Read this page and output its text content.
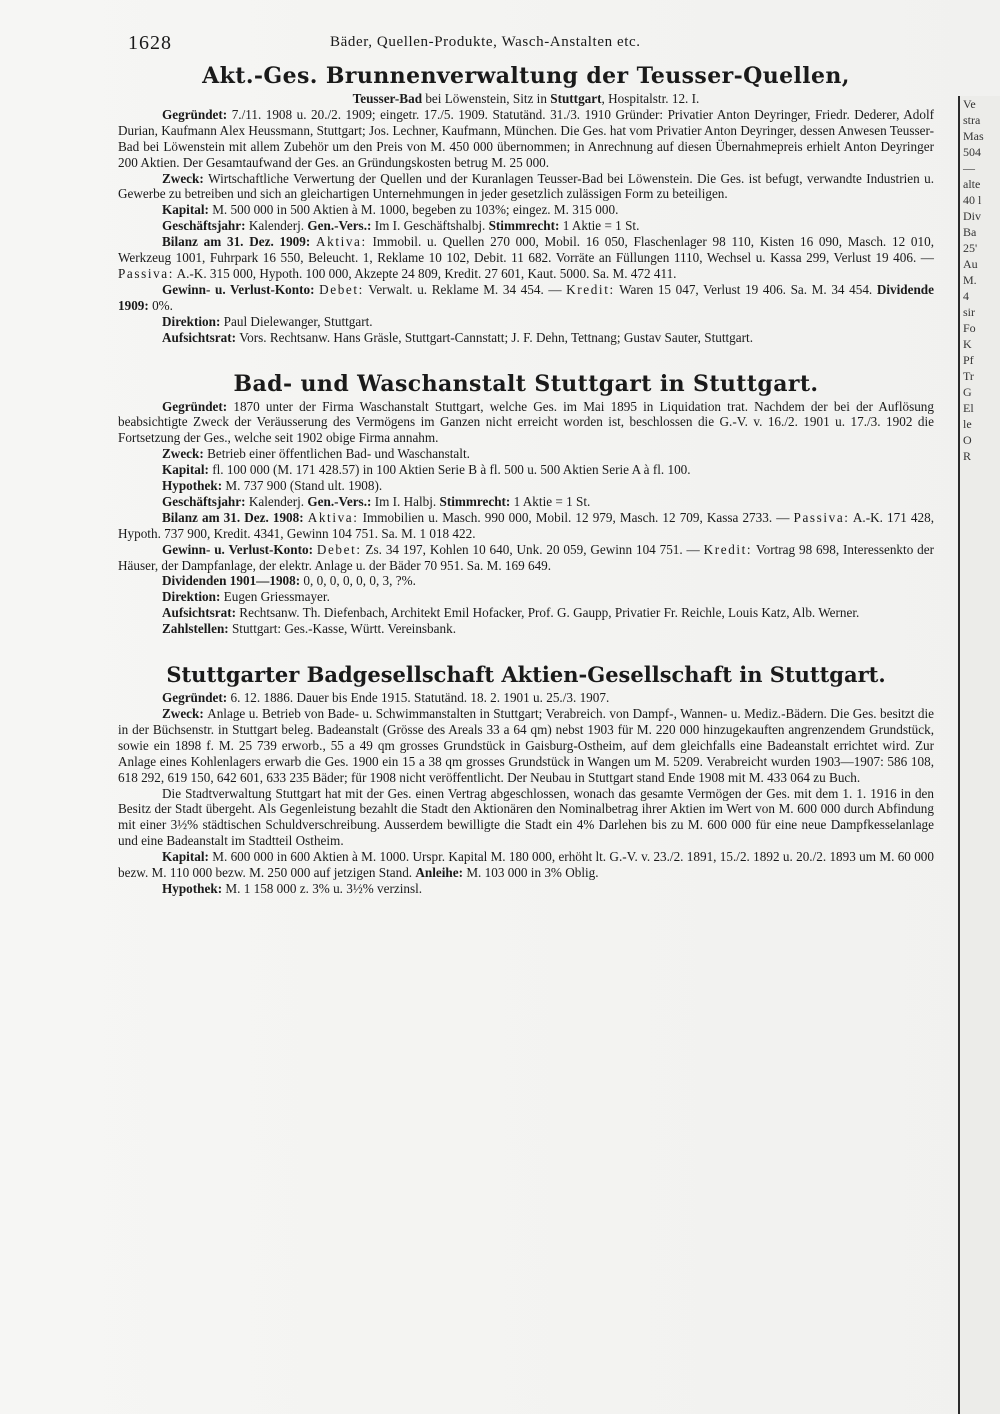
1628	Bäder, Quellen-Produkte, Wasch-Anstalten etc.
Akt.-Ges. Brunnenverwaltung der Teusser-Quellen,
Teusser-Bad bei Löwenstein, Sitz in Stuttgart, Hospitalstr. 12. I.

Gegründet: 7./11. 1908 u. 20./2. 1909; eingetr. 17./5. 1909. Statutänd. 31./3. 1910 Gründer: Privatier Anton Deyringer, Friedr. Dederer, Adolf Durian, Kaufmann Alex Heussmann, Stuttgart; Jos. Lechner, Kaufmann, München. Die Ges. hat vom Privatier Anton Deyringer, dessen Anwesen Teusser-Bad bei Löwenstein mit allem Zubehör um den Preis von M. 450 000 übernommen; in Anrechnung auf diesen Übernahmepreis erhielt Anton Deyringer 200 Aktien. Der Gesamtaufwand der Ges. an Gründungskosten betrug M. 25 000.

Zweck: Wirtschaftliche Verwertung der Quellen und der Kuranlagen Teusser-Bad bei Löwenstein. Die Ges. ist befugt, verwandte Industrien u. Gewerbe zu betreiben und sich an gleichartigen Unternehmungen in jeder gesetzlich zulässigen Form zu beteiligen.

Kapital: M. 500 000 in 500 Aktien à M. 1000, begeben zu 103%; eingez. M. 315 000.

Geschäftsjahr: Kalenderj. Gen.-Vers.: Im I. Geschäftshalbj. Stimmrecht: 1 Aktie = 1 St.

Bilanz am 31. Dez. 1909: Aktiva: Immobil. u. Quellen 270 000, Mobil. 16 050, Flaschenlager 98 110, Kisten 16 090, Masch. 12 010, Werkzeug 1001, Fuhrpark 16 550, Beleucht. 1, Reklame 10 102, Debit. 11 682. Vorräte an Füllungen 1110, Wechsel u. Kassa 299, Verlust 19 406. — Passiva: A.-K. 315 000, Hypoth. 100 000, Akzepte 24 809, Kredit. 27 601, Kaut. 5000. Sa. M. 472 411.

Gewinn- u. Verlust-Konto: Debet: Verwalt. u. Reklame M. 34 454. — Kredit: Waren 15 047, Verlust 19 406. Sa. M. 34 454. Dividende 1909: 0%.

Direktion: Paul Dielewanger, Stuttgart.

Aufsichtsrat: Vors. Rechtsanw. Hans Gräsle, Stuttgart-Cannstatt; J. F. Dehn, Tettnang; Gustav Sauter, Stuttgart.

Bad- und Waschanstalt Stuttgart in Stuttgart.

Gegründet: 1870 unter der Firma Waschanstalt Stuttgart, welche Ges. im Mai 1895 in Liquidation trat. Nachdem der bei der Auflösung beabsichtigte Zweck der Veräusserung des Vermögens im Ganzen nicht erreicht worden ist, beschlossen die G.-V. v. 16./2. 1901 u. 17./3. 1902 die Fortsetzung der Ges., welche seit 1902 obige Firma annahm.

Zweck: Betrieb einer öffentlichen Bad- und Waschanstalt.

Kapital: fl. 100 000 (M. 171 428.57) in 100 Aktien Serie B à fl. 500 u. 500 Aktien Serie A à fl. 100.

Hypothek: M. 737 900 (Stand ult. 1908).

Geschäftsjahr: Kalenderj. Gen.-Vers.: Im I. Halbj. Stimmrecht: 1 Aktie = 1 St.

Bilanz am 31. Dez. 1908: Aktiva: Immobilien u. Masch. 990 000, Mobil. 12 979, Masch. 12 709, Kassa 2733. — Passiva: A.-K. 171 428, Hypoth. 737 900, Kredit. 4341, Gewinn 104 751. Sa. M. 1 018 422.

Gewinn- u. Verlust-Konto: Debet: Zs. 34 197, Kohlen 10 640, Unk. 20 059, Gewinn 104 751. — Kredit: Vortrag 98 698, Interessenkto der Häuser, der Dampfanlage, der elektr. Anlage u. der Bäder 70 951. Sa. M. 169 649.

Dividenden 1901—1908: 0, 0, 0, 0, 0, 0, 3, ?%.

Direktion: Eugen Griessmayer.

Aufsichtsrat: Rechtsanw. Th. Diefenbach, Architekt Emil Hofacker, Prof. G. Gaupp, Privatier Fr. Reichle, Louis Katz, Alb. Werner.

Zahlstellen: Stuttgart: Ges.-Kasse, Württ. Vereinsbank.

Stuttgarter Badgesellschaft Aktien-Gesellschaft in Stuttgart.

Gegründet: 6. 12. 1886. Dauer bis Ende 1915. Statutänd. 18. 2. 1901 u. 25./3. 1907.

Zweck: Anlage u. Betrieb von Bade- u. Schwimmanstalten in Stuttgart; Verabreich. von Dampf-, Wannen- u. Mediz.-Bädern. Die Ges. besitzt die in der Büchsenstr. in Stuttgart beleg. Badeanstalt (Grösse des Areals 33 a 64 qm) nebst 1903 für M. 220 000 hinzugekauften angrenzendem Grundstück, sowie ein 1898 f. M. 25 739 erworb., 55 a 49 qm grosses Grundstück in Gaisburg-Ostheim, auf dem gleichfalls eine Badeanstalt errichtet wird. Zur Anlage eines Kohlenlagers erwarb die Ges. 1900 ein 15 a 38 qm grosses Grundstück in Wangen um M. 5209. Verabreicht wurden 1903—1907: 586 108, 618 292, 619 150, 642 601, 633 235 Bäder; für 1908 nicht veröffentlicht. Der Neubau in Stuttgart stand Ende 1908 mit M. 433 064 zu Buch.

Die Stadtverwaltung Stuttgart hat mit der Ges. einen Vertrag abgeschlossen, wonach das gesamte Vermögen der Ges. mit dem 1. 1. 1916 in den Besitz der Stadt übergeht. Als Gegenleistung bezahlt die Stadt den Aktionären den Nominalbetrag ihrer Aktien im Wert von M. 600 000 durch Abfindung mit einer 3½% städtischen Schuldverschreibung. Ausserdem bewilligte die Stadt ein 4% Darlehen bis zu M. 600 000 für eine neue Dampfkesselanlage und eine Badeanstalt im Stadtteil Ostheim.

Kapital: M. 600 000 in 600 Aktien à M. 1000. Urspr. Kapital M. 180 000, erhöht lt. G.-V. v. 23./2. 1891, 15./2. 1892 u. 20./2. 1893 um M. 60 000 bezw. M. 110 000 bezw. M. 250 000 auf jetzigen Stand. Anleihe: M. 103 000 in 3% Oblig.

Hypothek: M. 1 158 000 z. 3% u. 3½% verzinsl.

Ve
stra
Mas
504
—
alte
40 l
Div
Ba
25'
Au
M.
4
sir
Fo
K
Pf
Tr
G
El
le
O
R
